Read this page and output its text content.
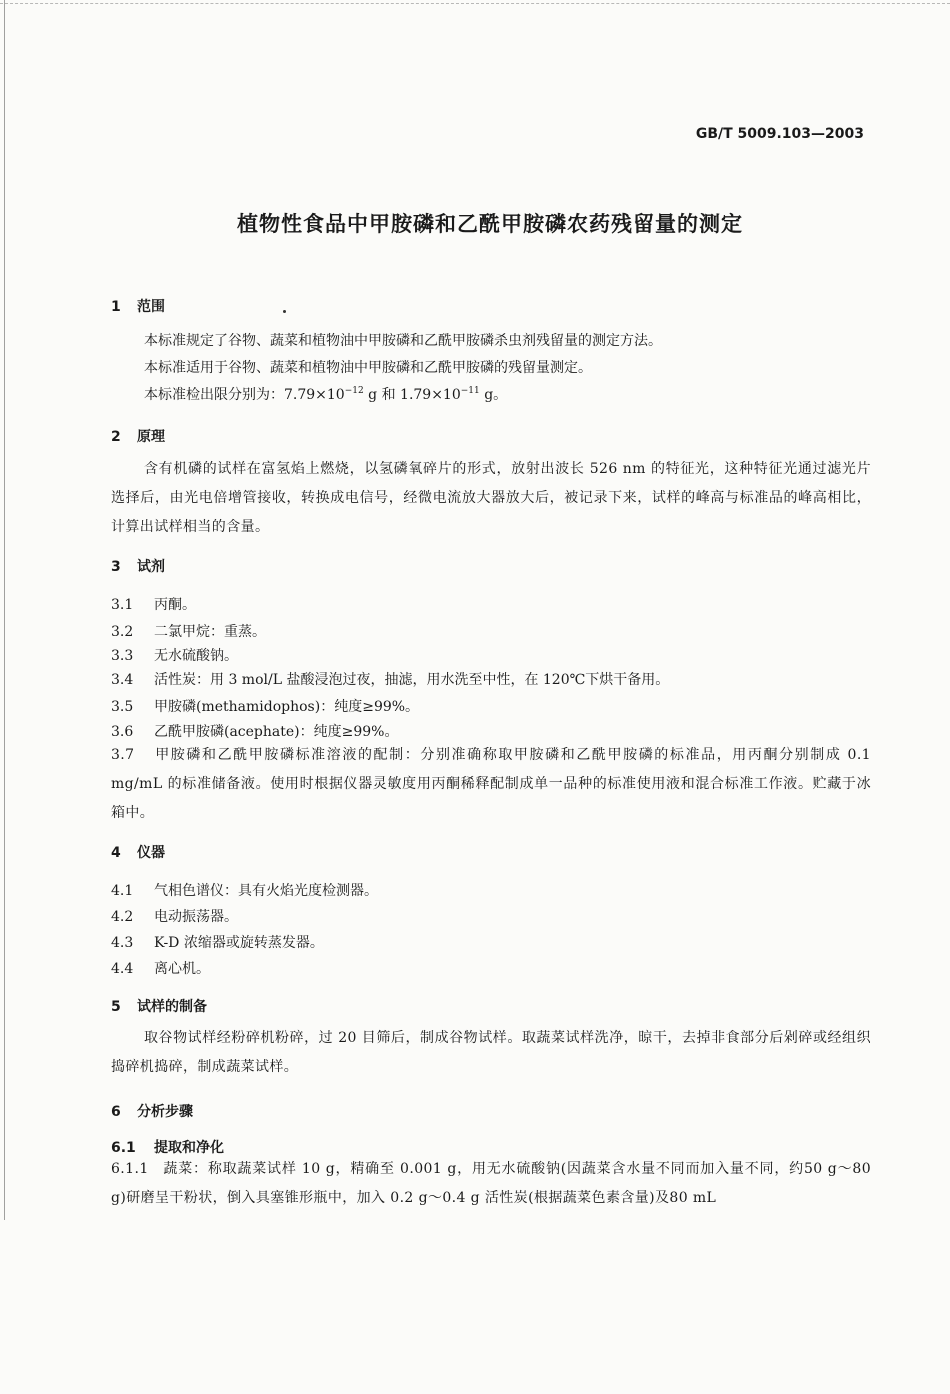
GB/T 5009.103—2003
植物性食品中甲胺磷和乙酰甲胺磷农药残留量的测定
1 范围
本标准规定了谷物、蔬菜和植物油中甲胺磷和乙酰甲胺磷杀虫剂残留量的测定方法。
本标准适用于谷物、蔬菜和植物油中甲胺磷和乙酰甲胺磷的残留量测定。
本标准检出限分别为：$7.79\times 10^{-12}$ g 和 $1.79\times 10^{-11}$ g。
2 原理
含有机磷的试样在富氢焰上燃烧，以氢磷氧碎片的形式，放射出波长 526 nm 的特征光，这种特征光通过滤光片选择后，由光电倍增管接收，转换成电信号，经微电流放大器放大后，被记录下来，试样的峰高与标准品的峰高相比，计算出试样相当的含量。
3 试剂
3.1 丙酮。
3.2 二氯甲烷：重蒸。
3.3 无水硫酸钠。
3.4 活性炭：用 3 mol/L 盐酸浸泡过夜，抽滤，用水洗至中性，在 120℃下烘干备用。
3.5 甲胺磷(methamidophos)：纯度≥99%。
3.6 乙酰甲胺磷(acephate)：纯度≥99%。
3.7 甲胺磷和乙酰甲胺磷标准溶液的配制：分别准确称取甲胺磷和乙酰甲胺磷的标准品，用丙酮分别制成 0.1 mg/mL 的标准储备液。使用时根据仪器灵敏度用丙酮稀释配制成单一品种的标准使用液和混合标准工作液。贮藏于冰箱中。
4 仪器
4.1 气相色谱仪：具有火焰光度检测器。
4.2 电动振荡器。
4.3 K-D 浓缩器或旋转蒸发器。
4.4 离心机。
5 试样的制备
取谷物试样经粉碎机粉碎，过 20 目筛后，制成谷物试样。取蔬菜试样洗净，晾干，去掉非食部分后剁碎或经组织捣碎机捣碎，制成蔬菜试样。
6 分析步骤
6.1 提取和净化
6.1.1 蔬菜：称取蔬菜试样 10 g，精确至 0.001 g，用无水硫酸钠(因蔬菜含水量不同而加入量不同，约50 g～80 g)研磨呈干粉状，倒入具塞锥形瓶中，加入 0.2 g～0.4 g 活性炭(根据蔬菜色素含量)及80 mL
